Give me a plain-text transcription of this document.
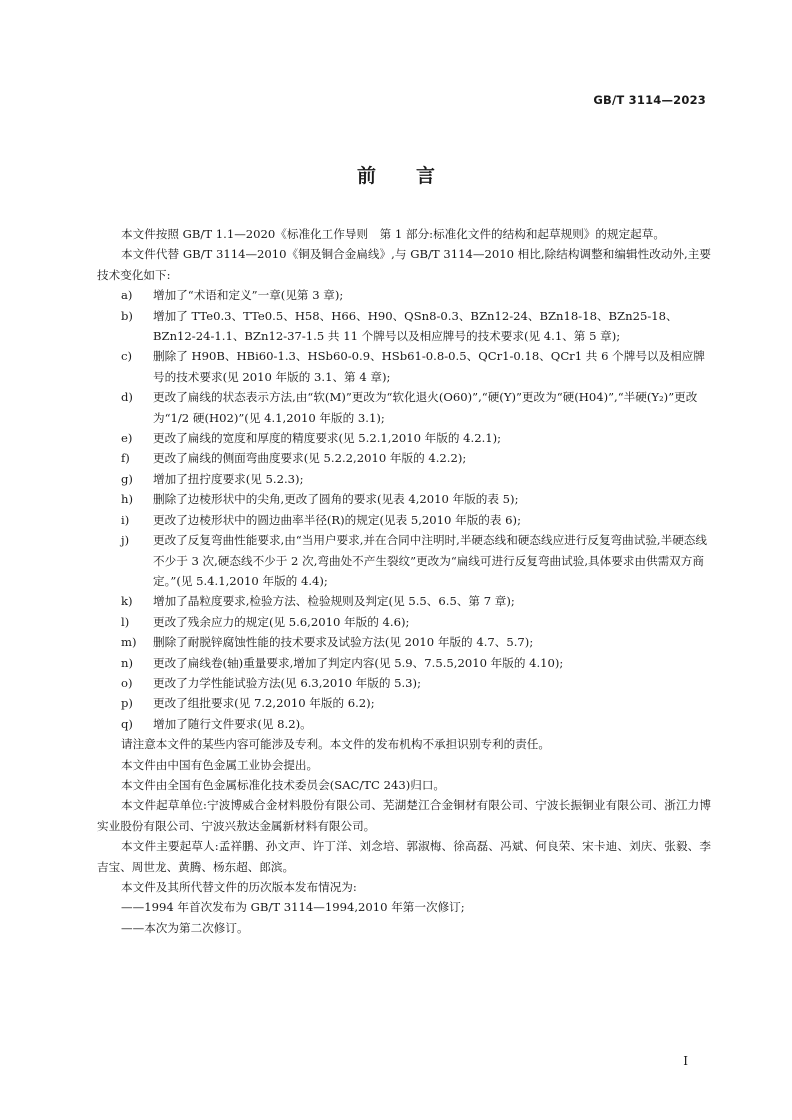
GB/T 3114—2023
前 言

本文件按照 GB/T 1.1—2020《标准化工作导则　第 1 部分:标准化文件的结构和起草规则》的规定起草。

本文件代替 GB/T 3114—2010《铜及铜合金扁线》,与 GB/T 3114—2010 相比,除结构调整和编辑性改动外,主要技术变化如下:

a) 增加了“术语和定义”一章(见第 3 章);

b) 增加了 TTe0.3、TTe0.5、H58、H66、H90、QSn8-0.3、BZn12-24、BZn18-18、BZn25-18、BZn12-24-1.1、BZn12-37-1.5 共 11 个牌号以及相应牌号的技术要求(见 4.1、第 5 章);

c) 删除了 H90B、HBi60-1.3、HSb60-0.9、HSb61-0.8-0.5、QCr1-0.18、QCr1 共 6 个牌号以及相应牌号的技术要求(见 2010 年版的 3.1、第 4 章);

d) 更改了扁线的状态表示方法,由“软(M)”更改为“软化退火(O60)”,“硬(Y)”更改为“硬(H04)”,“半硬(Y₂)”更改为“1/2 硬(H02)”(见 4.1,2010 年版的 3.1);

e) 更改了扁线的宽度和厚度的精度要求(见 5.2.1,2010 年版的 4.2.1);

f) 更改了扁线的侧面弯曲度要求(见 5.2.2,2010 年版的 4.2.2);

g) 增加了扭拧度要求(见 5.2.3);

h) 删除了边棱形状中的尖角,更改了圆角的要求(见表 4,2010 年版的表 5);

i) 更改了边棱形状中的圆边曲率半径(R)的规定(见表 5,2010 年版的表 6);

j) 更改了反复弯曲性能要求,由“当用户要求,并在合同中注明时,半硬态线和硬态线应进行反复弯曲试验,半硬态线不少于 3 次,硬态线不少于 2 次,弯曲处不产生裂纹”更改为“扁线可进行反复弯曲试验,具体要求由供需双方商定。”(见 5.4.1,2010 年版的 4.4);

k) 增加了晶粒度要求,检验方法、检验规则及判定(见 5.5、6.5、第 7 章);

l) 更改了残余应力的规定(见 5.6,2010 年版的 4.6);

m) 删除了耐脱锌腐蚀性能的技术要求及试验方法(见 2010 年版的 4.7、5.7);

n) 更改了扁线卷(轴)重量要求,增加了判定内容(见 5.9、7.5.5,2010 年版的 4.10);

o) 更改了力学性能试验方法(见 6.3,2010 年版的 5.3);

p) 更改了组批要求(见 7.2,2010 年版的 6.2);

q) 增加了随行文件要求(见 8.2)。

请注意本文件的某些内容可能涉及专利。本文件的发布机构不承担识别专利的责任。

本文件由中国有色金属工业协会提出。

本文件由全国有色金属标准化技术委员会(SAC/TC 243)归口。

本文件起草单位:宁波博威合金材料股份有限公司、芜湖楚江合金铜材有限公司、宁波长振铜业有限公司、浙江力博实业股份有限公司、宁波兴敖达金属新材料有限公司。

本文件主要起草人:孟祥鹏、孙文声、许丁洋、刘念培、郭淑梅、徐高磊、冯斌、何良荣、宋卡迪、刘庆、张毅、李吉宝、周世龙、黄腾、杨东超、郎滨。

本文件及其所代替文件的历次版本发布情况为:

——1994 年首次发布为 GB/T 3114—1994,2010 年第一次修订;

——本次为第二次修订。

I
